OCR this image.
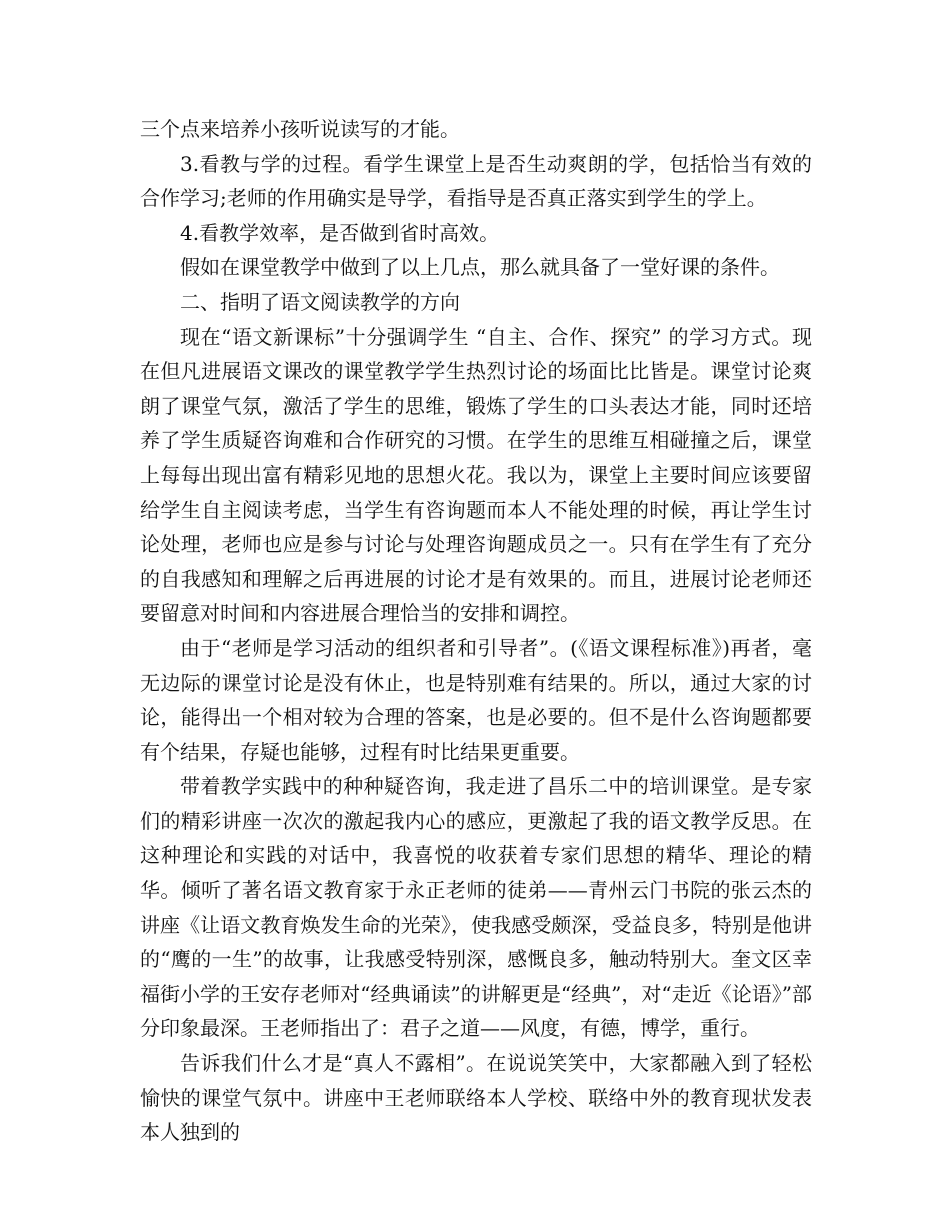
三个点来培养小孩听说读写的才能。

3.看教与学的过程。看学生课堂上是否生动爽朗的学，包括恰当有效的合作学习;老师的作用确实是导学，看指导是否真正落实到学生的学上。

4.看教学效率，是否做到省时高效。

假如在课堂教学中做到了以上几点，那么就具备了一堂好课的条件。

二、指明了语文阅读教学的方向

现在“语文新课标”十分强调学生 “自主、合作、探究” 的学习方式。现在但凡进展语文课改的课堂教学学生热烈讨论的场面比比皆是。课堂讨论爽朗了课堂气氛，激活了学生的思维，锻炼了学生的口头表达才能，同时还培养了学生质疑咨询难和合作研究的习惯。在学生的思维互相碰撞之后，课堂上每每出现出富有精彩见地的思想火花。我以为，课堂上主要时间应该要留给学生自主阅读考虑，当学生有咨询题而本人不能处理的时候，再让学生讨论处理，老师也应是参与讨论与处理咨询题成员之一。只有在学生有了充分的自我感知和理解之后再进展的讨论才是有效果的。而且，进展讨论老师还要留意对时间和内容进展合理恰当的安排和调控。

由于“老师是学习活动的组织者和引导者”。(《语文课程标准》)再者，毫无边际的课堂讨论是没有休止，也是特别难有结果的。所以，通过大家的讨论，能得出一个相对较为合理的答案，也是必要的。但不是什么咨询题都要有个结果，存疑也能够，过程有时比结果更重要。

带着教学实践中的种种疑咨询，我走进了昌乐二中的培训课堂。是专家们的精彩讲座一次次的激起我内心的感应，更激起了我的语文教学反思。在这种理论和实践的对话中，我喜悦的收获着专家们思想的精华、理论的精华。倾听了著名语文教育家于永正老师的徒弟——青州云门书院的张云杰的讲座《让语文教育焕发生命的光荣》，使我感受颇深，受益良多，特别是他讲的“鹰的一生”的故事，让我感受特别深，感慨良多，触动特别大。奎文区幸福街小学的王安存老师对“经典诵读”的讲解更是“经典”，对“走近《论语》”部分印象最深。王老师指出了：君子之道——风度，有德，博学，重行。

告诉我们什么才是“真人不露相”。在说说笑笑中，大家都融入到了轻松愉快的课堂气氛中。讲座中王老师联络本人学校、联络中外的教育现状发表本人独到的
